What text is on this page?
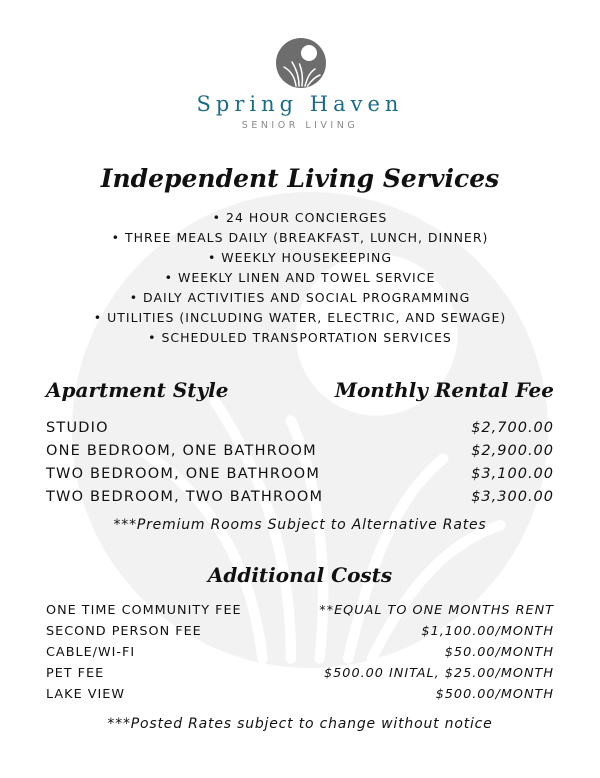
Spring Haven
SENIOR LIVING
Independent Living Services
• 24 HOUR CONCIERGES
• THREE MEALS DAILY (BREAKFAST, LUNCH, DINNER)
• WEEKLY HOUSEKEEPING
• WEEKLY LINEN AND TOWEL SERVICE
• DAILY ACTIVITIES AND SOCIAL PROGRAMMING
• UTILITIES (INCLUDING WATER, ELECTRIC, AND SEWAGE)
• SCHEDULED TRANSPORTATION SERVICES
Apartment Style	Monthly Rental Fee
STUDIO	$2,700.00
ONE BEDROOM, ONE BATHROOM	$2,900.00
TWO BEDROOM, ONE BATHROOM	$3,100.00
TWO BEDROOM, TWO BATHROOM	$3,300.00
***Premium Rooms Subject to Alternative Rates
Additional Costs
ONE TIME COMMUNITY FEE	**EQUAL TO ONE MONTHS RENT
SECOND PERSON FEE	$1,100.00/MONTH
CABLE/WI-FI	$50.00/MONTH
PET FEE	$500.00 INITAL, $25.00/MONTH
LAKE VIEW	$500.00/MONTH
***Posted Rates subject to change without notice
